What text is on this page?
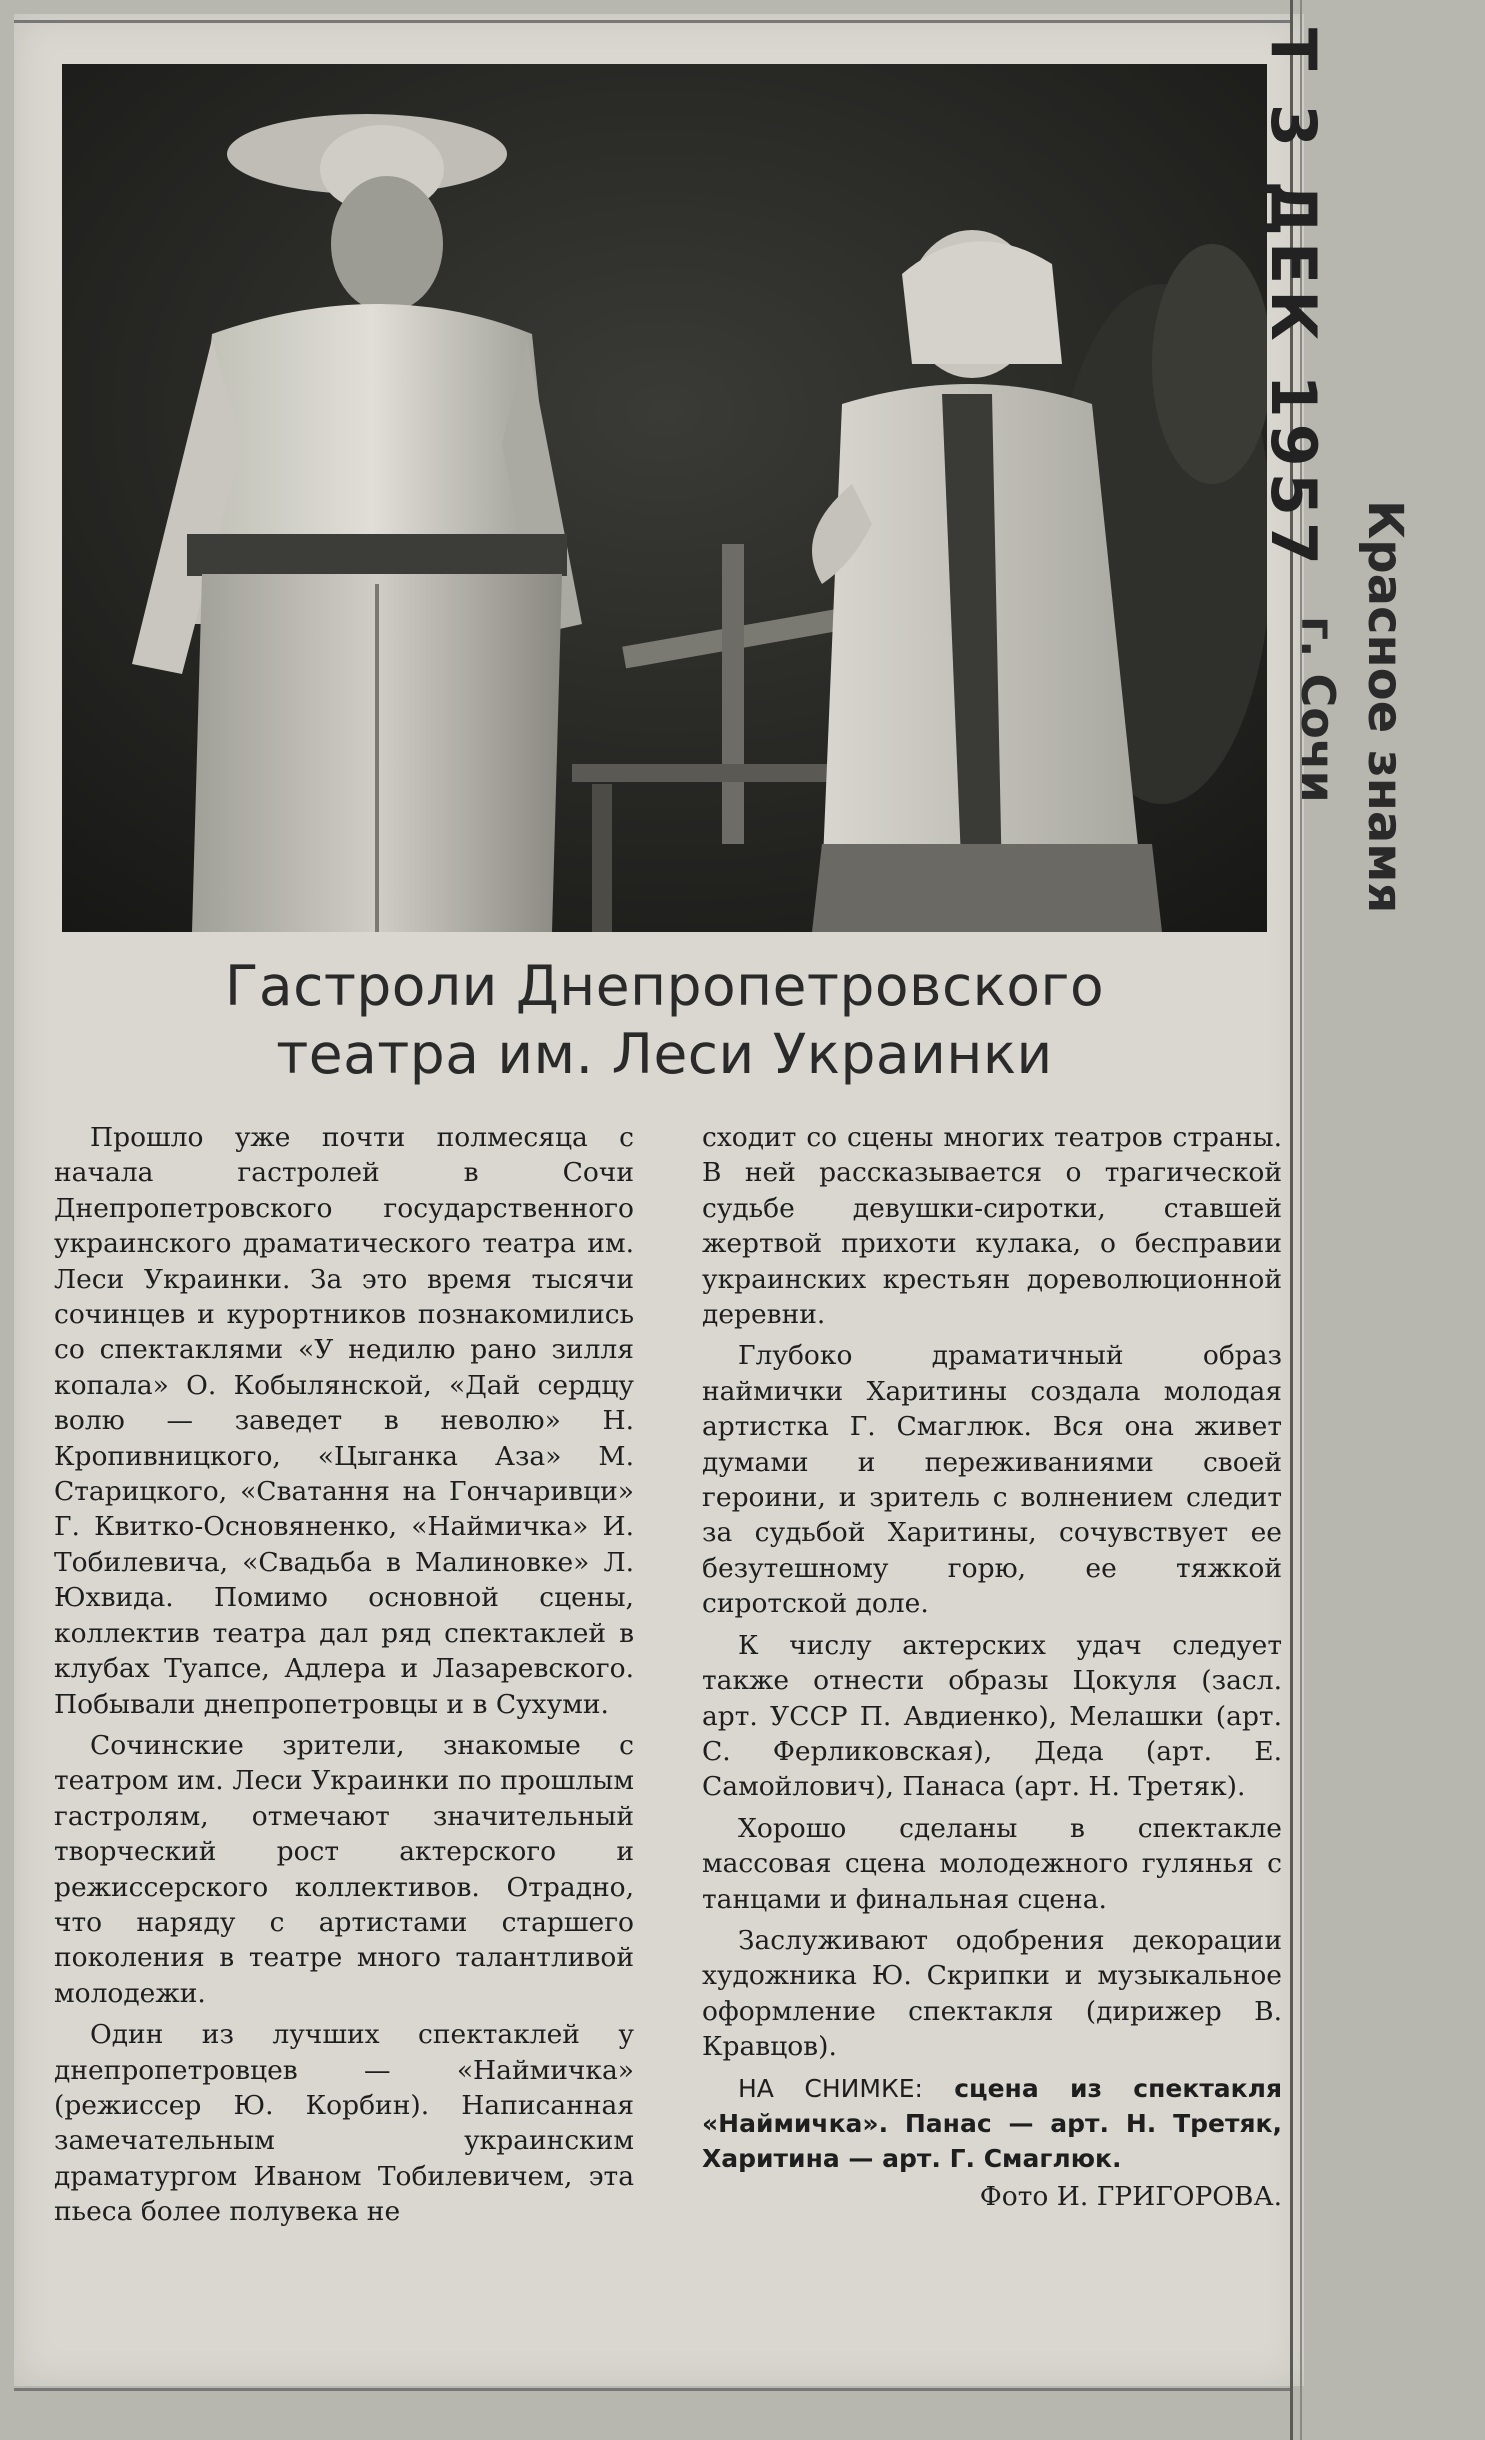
Гастроли Днепропетровского
театра им. Леси Украинки

Прошло уже почти полмесяца с начала гастролей в Сочи Днепропетровского государственного украинского драматического театра им. Леси Украинки. За это время тысячи сочинцев и курортников познакомились со спектаклями «У недилю рано зилля копала» О. Кобылянской, «Дай сердцу волю — заведет в неволю» Н. Кропивницкого, «Цыганка Аза» М. Старицкого, «Сватання на Гончаривци» Г. Квитко-Основяненко, «Наймичка» И. Тобилевича, «Свадьба в Малиновке» Л. Юхвида. Помимо основной сцены, коллектив театра дал ряд спектаклей в клубах Туапсе, Адлера и Лазаревского. Побывали днепропетровцы и в Сухуми.

Сочинские зрители, знакомые с театром им. Леси Украинки по прошлым гастролям, отмечают значительный творческий рост актерского и режиссерского коллективов. Отрадно, что наряду с артистами старшего поколения в театре много талантливой молодежи.

Один из лучших спектаклей у днепропетровцев — «Наймичка» (режиссер Ю. Корбин). Написанная замечательным украинским драматургом Иваном Тобилевичем, эта пьеса более полувека не

сходит со сцены многих театров страны. В ней рассказывается о трагической судьбе девушки-сиротки, ставшей жертвой прихоти кулака, о бесправии украинских крестьян дореволюционной деревни.

Глубоко драматичный образ наймички Харитины создала молодая артистка Г. Смаглюк. Вся она живет думами и переживаниями своей героини, и зритель с волнением следит за судьбой Харитины, сочувствует ее безутешному горю, ее тяжкой сиротской доле.

К числу актерских удач следует также отнести образы Цокуля (засл. арт. УССР П. Авдиенко), Мелашки (арт. С. Ферликовская), Деда (арт. Е. Самойлович), Панаса (арт. Н. Третяк).

Хорошо сделаны в спектакле массовая сцена молодежного гулянья с танцами и финальная сцена.

Заслуживают одобрения декорации художника Ю. Скрипки и музыкальное оформление спектакля (дирижер В. Кравцов).

НА СНИМКЕ: сцена из спектакля «Наймичка». Панас — арт. Н. Третяк, Харитина — арт. Г. Смаглюк.

Фото И. ГРИГОРОВА.
Т 3 ДЕК 1957
Красное знамя
г. Сочи
